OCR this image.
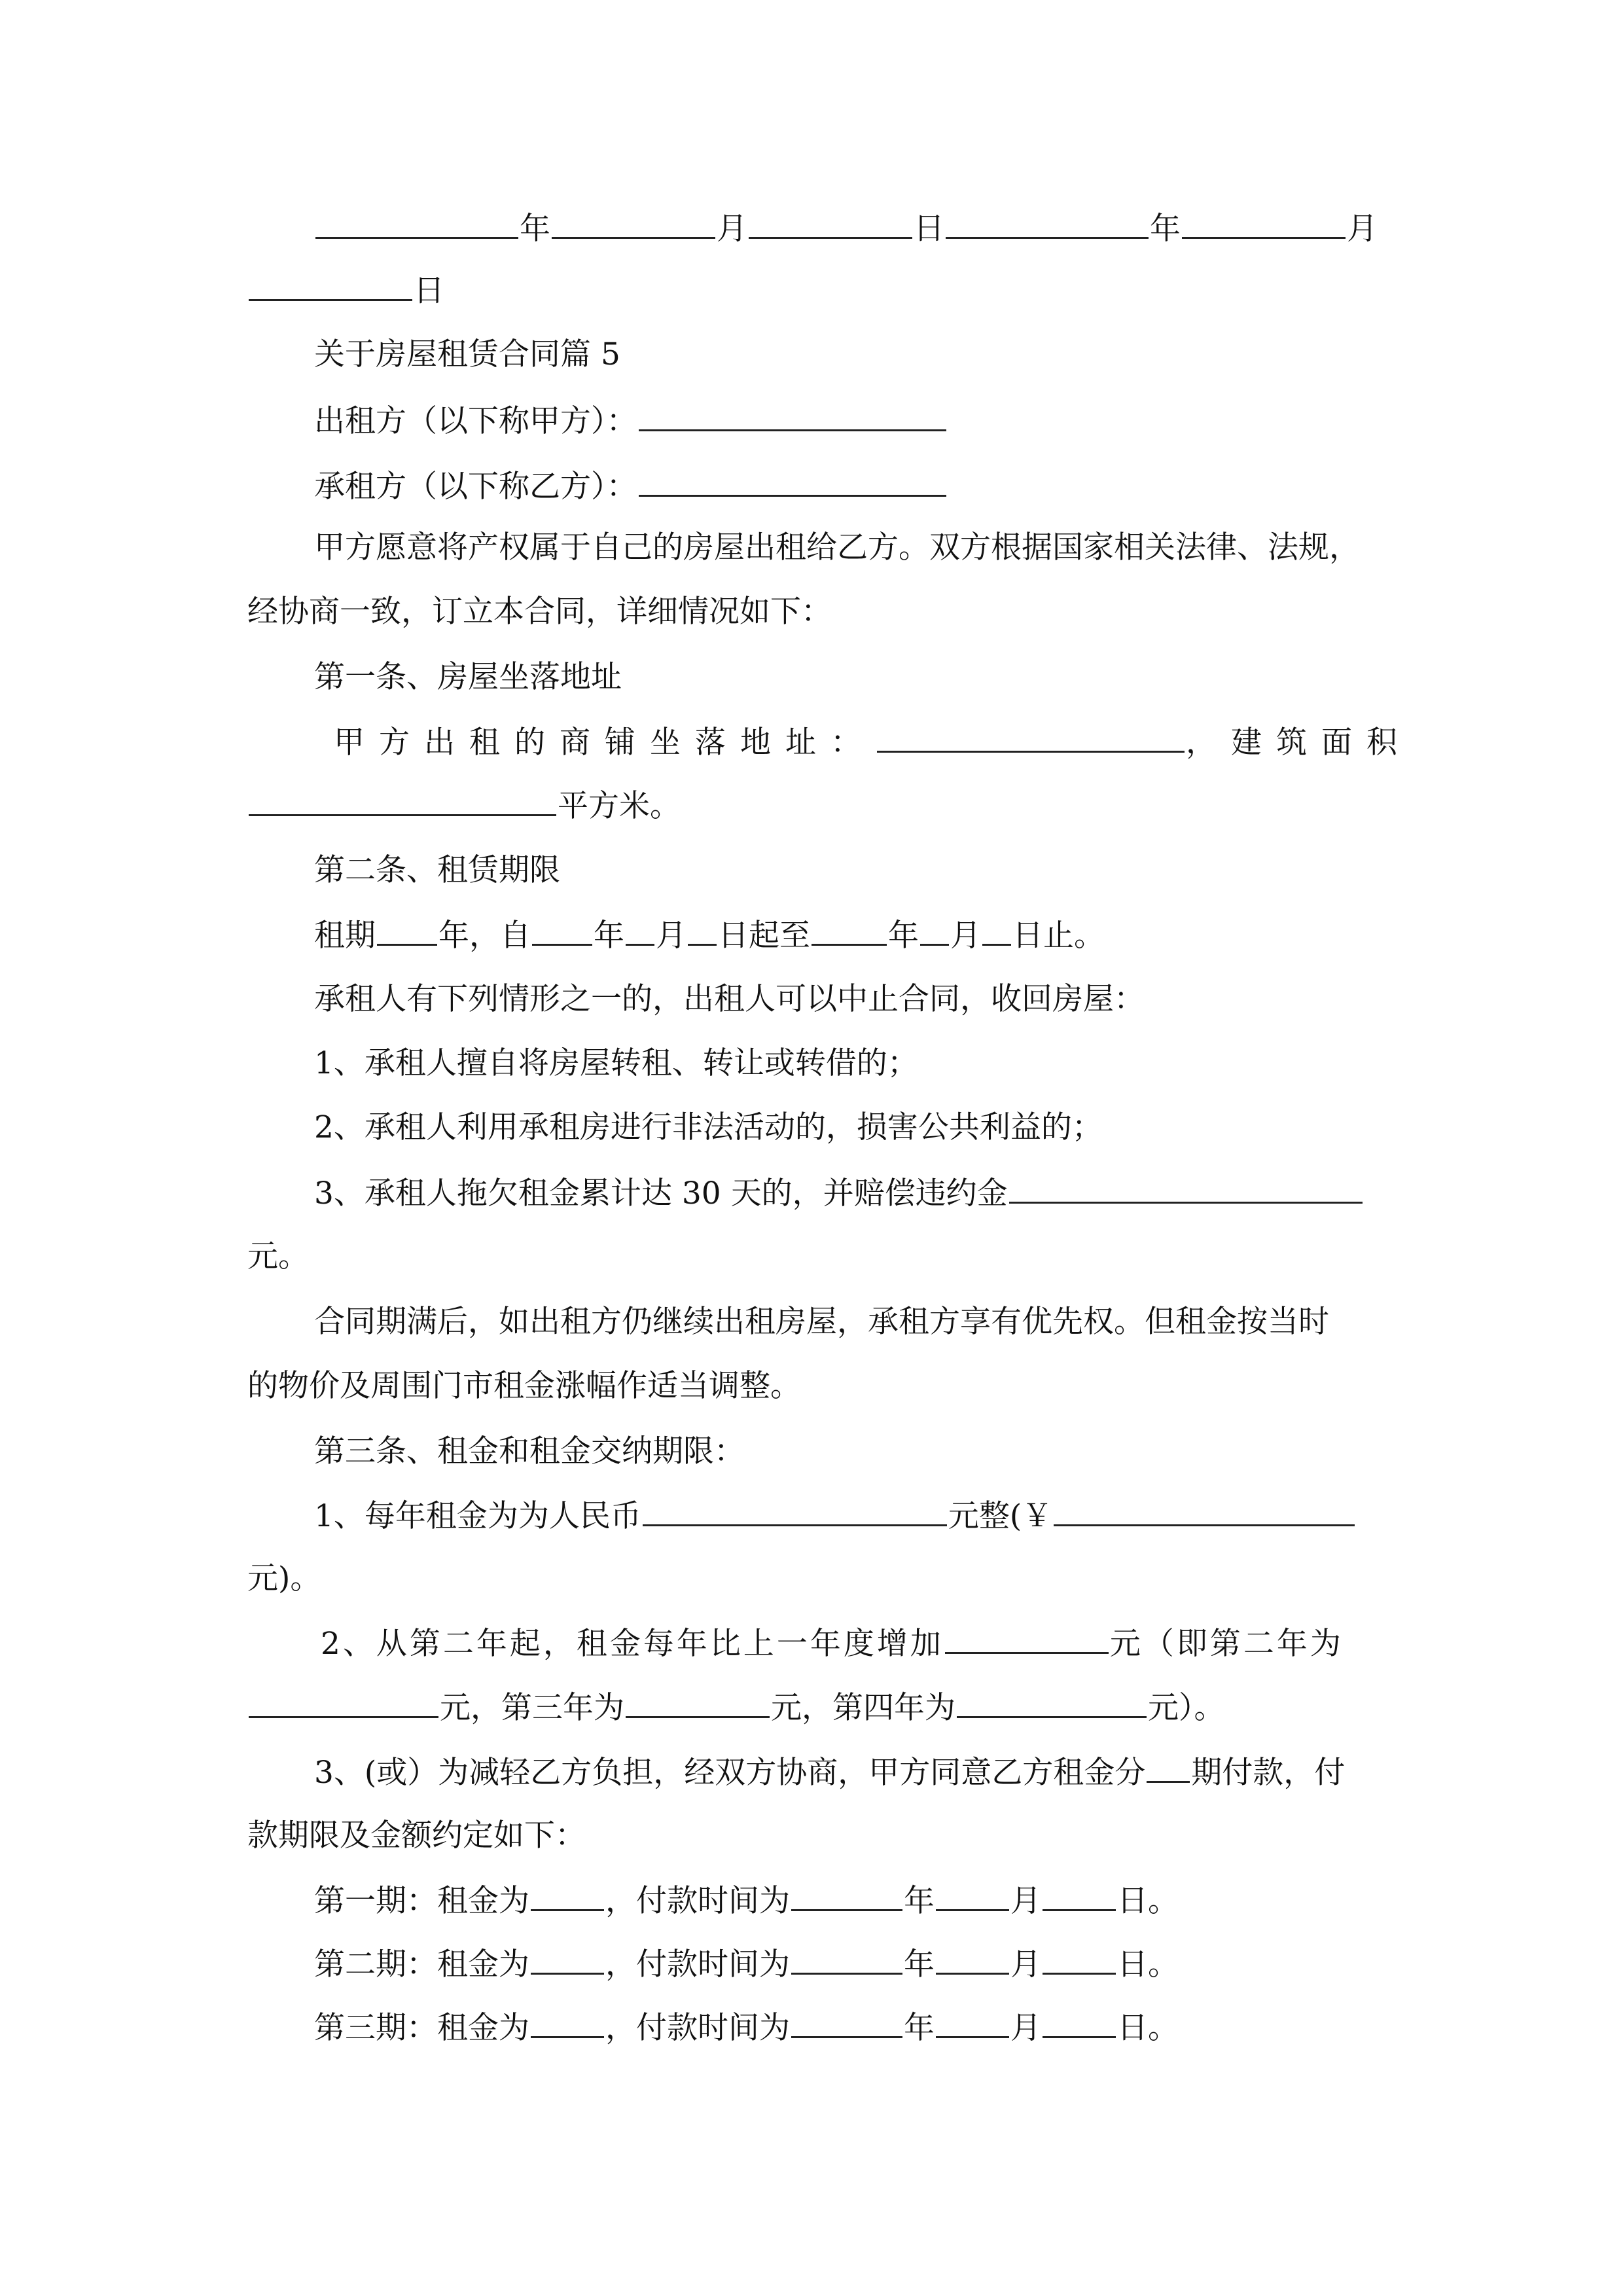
年	月	日	年	月
日
关于房屋租赁合同篇 5
出租方（以下称甲方）：
承租方（以下称乙方）：
甲方愿意将产权属于自己的房屋出租给乙方。双方根据国家相关法律、法规，
经协商一致，订立本合同，详细情况如下：
第一条、房屋坐落地址
甲方出租的商铺坐落地址：	，建筑面积
平方米。
第二条、租赁期限
租期 年，自 年 月 日起至	年 月 日止。
承租人有下列情形之一的，出租人可以中止合同，收回房屋：
1、承租人擅自将房屋转租、转让或转借的；
2、承租人利用承租房进行非法活动的，损害公共利益的；
3、承租人拖欠租金累计达 30 天的，并赔偿违约金
元。
合同期满后，如出租方仍继续出租房屋，承租方享有优先权。但租金按当时
的物价及周围门市租金涨幅作适当调整。
第三条、租金和租金交纳期限：
1、每年租金为为人民币	元整(￥
元)。
2、从第二年起，租金每年比上一年度增加	元（即第二年为
元，第三年为	元，第四年为	元）。
3、(或）为减轻乙方负担，经双方协商，甲方同意乙方租金分 期付款，付
款期限及金额约定如下：
第一期：租金为 ，付款时间为	年 月 日。
第二期：租金为 ，付款时间为	年 月 日。
第三期：租金为 ，付款时间为	年 月 日。
